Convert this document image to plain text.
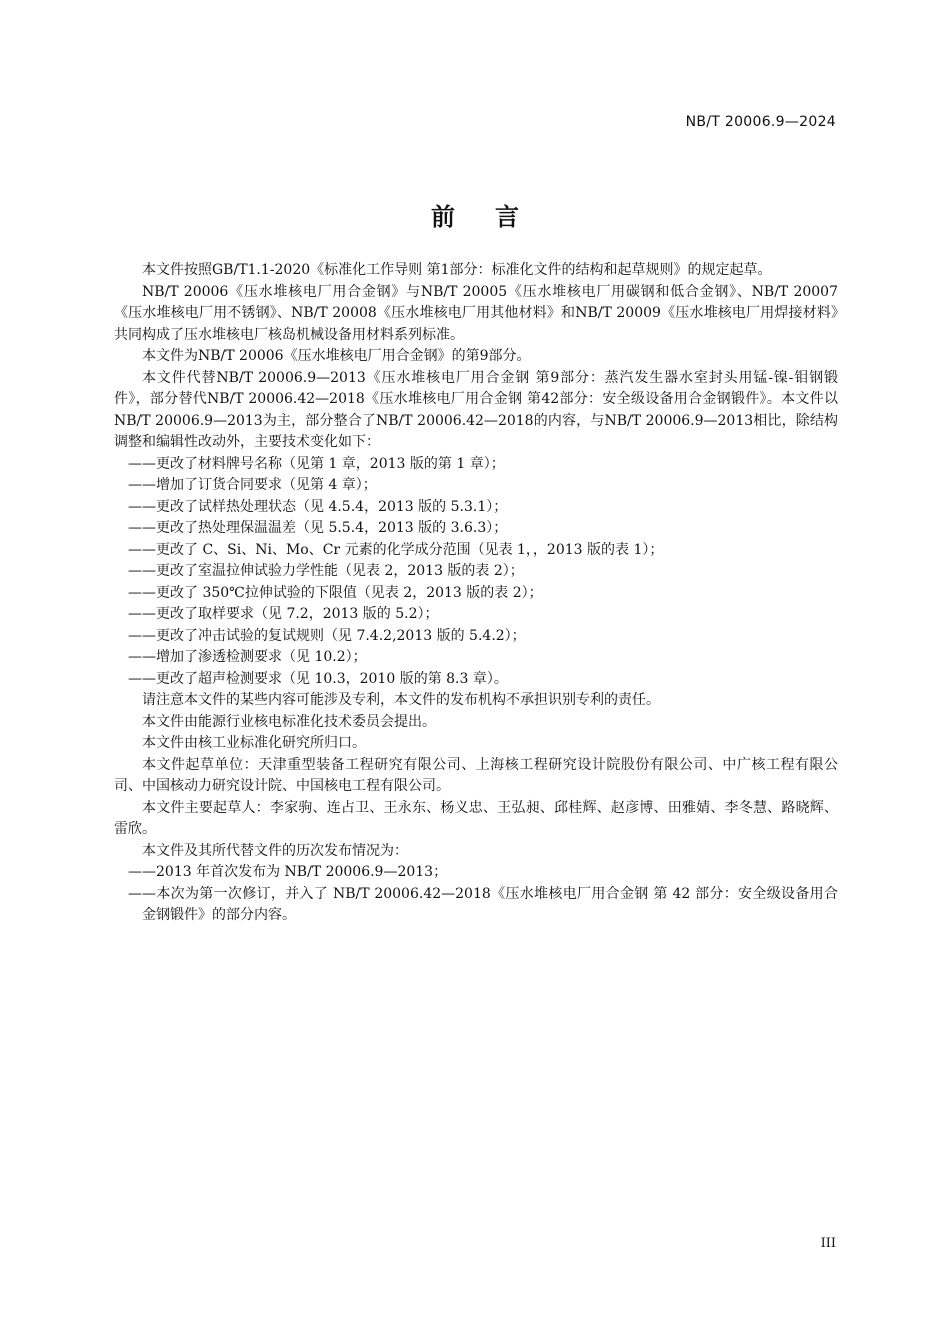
NB/T 20006.9—2024
前言

本文件按照GB/T1.1-2020《标准化工作导则 第1部分：标准化文件的结构和起草规则》的规定起草。

NB/T 20006《压水堆核电厂用合金钢》与NB/T 20005《压水堆核电厂用碳钢和低合金钢》、NB/T 20007《压水堆核电厂用不锈钢》、NB/T 20008《压水堆核电厂用其他材料》和NB/T 20009《压水堆核电厂用焊接材料》共同构成了压水堆核电厂核岛机械设备用材料系列标准。

本文件为NB/T 20006《压水堆核电厂用合金钢》的第9部分。

本文件代替NB/T 20006.9—2013《压水堆核电厂用合金钢 第9部分：蒸汽发生器水室封头用锰-镍-钼钢锻件》，部分替代NB/T 20006.42—2018《压水堆核电厂用合金钢 第42部分：安全级设备用合金钢锻件》。本文件以NB/T 20006.9—2013为主，部分整合了NB/T 20006.42—2018的内容，与NB/T 20006.9—2013相比，除结构调整和编辑性改动外，主要技术变化如下：

——更改了材料牌号名称（见第 1 章，2013 版的第 1 章）；

——增加了订货合同要求（见第 4 章）；

——更改了试样热处理状态（见 4.5.4，2013 版的 5.3.1）；

——更改了热处理保温温差（见 5.5.4，2013 版的 3.6.3）；

——更改了 C、Si、Ni、Mo、Cr 元素的化学成分范围（见表 1，，2013 版的表 1）；

——更改了室温拉伸试验力学性能（见表 2，2013 版的表 2）；

——更改了 350℃拉伸试验的下限值（见表 2，2013 版的表 2）；

——更改了取样要求（见 7.2，2013 版的 5.2）；

——更改了冲击试验的复试规则（见 7.4.2,2013 版的 5.4.2）；

——增加了渗透检测要求（见 10.2）；

——更改了超声检测要求（见 10.3，2010 版的第 8.3 章）。

请注意本文件的某些内容可能涉及专利，本文件的发布机构不承担识别专利的责任。

本文件由能源行业核电标准化技术委员会提出。

本文件由核工业标准化研究所归口。

本文件起草单位：天津重型装备工程研究有限公司、上海核工程研究设计院股份有限公司、中广核工程有限公司、中国核动力研究设计院、中国核电工程有限公司。

本文件主要起草人：李家驹、连占卫、王永东、杨义忠、王弘昶、邱桂辉、赵彦博、田雅婧、李冬慧、路晓辉、雷欣。

本文件及其所代替文件的历次发布情况为：

——2013 年首次发布为 NB/T 20006.9—2013；

——本次为第一次修订，并入了 NB/T 20006.42—2018《压水堆核电厂用合金钢 第 42 部分：安全级设备用合金钢锻件》的部分内容。

III
